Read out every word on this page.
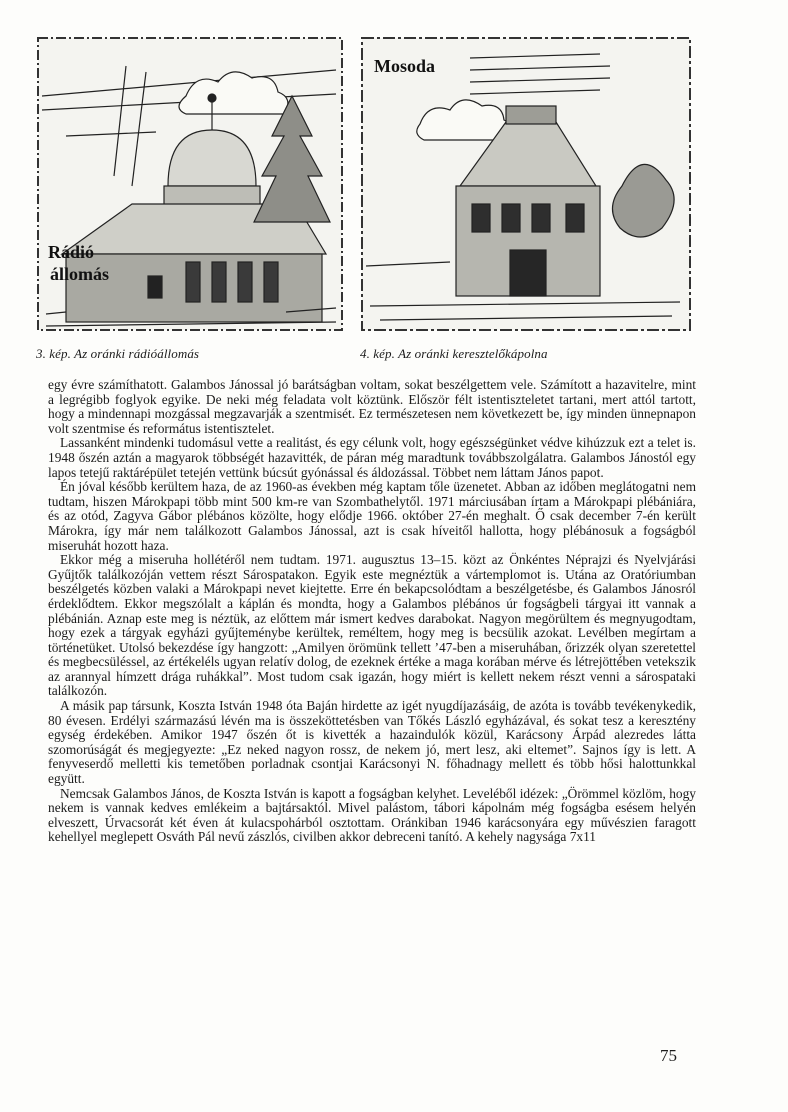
Rádió
állomás
3. kép. Az oránki rádióállomás
Mosoda
4. kép. Az oránki keresztelőkápolna

egy évre számíthatott. Galambos Jánossal jó barátságban voltam, sokat beszélgettem vele. Számított a hazavitelre, mint a legrégibb foglyok egyike. De neki még feladata volt köztünk. Először félt istentiszteletet tartani, mert attól tartott, hogy a mindennapi mozgással megzavarják a szentmisét. Ez természetesen nem következett be, így minden ünnepnapon volt szentmise és református istentisztelet.

Lassanként mindenki tudomásul vette a realitást, és egy célunk volt, hogy egészségünket védve kihúzzuk ezt a telet is. 1948 őszén aztán a magyarok többségét hazavitték, de páran még maradtunk továbbszolgálatra. Galambos Jánostól egy lapos tetejű raktárépület tetején vettünk búcsút gyónással és áldozással. Többet nem láttam János papot.

Én jóval később kerültem haza, de az 1960-as években még kaptam tőle üzenetet. Abban az időben meglátogatni nem tudtam, hiszen Márokpapi több mint 500 km-re van Szombathelytől. 1971 márciusában írtam a Márokpapi plébániára, és az otód, Zagyva Gábor plébános közölte, hogy elődje 1966. október 27-én meghalt. Ő csak december 7-én került Márokra, így már nem találkozott Galambos Jánossal, azt is csak híveitől hallotta, hogy plébánosuk a fogságból miseruhát hozott haza.

Ekkor még a miseruha hollétéről nem tudtam. 1971. augusztus 13–15. közt az Önkéntes Néprajzi és Nyelvjárási Gyűjtők találkozóján vettem részt Sárospatakon. Egyik este megnéztük a vártemplomot is. Utána az Oratóriumban beszélgetés közben valaki a Márokpapi nevet kiejtette. Erre én bekapcsolódtam a beszélgetésbe, és Galambos Jánosról érdeklődtem. Ekkor megszólalt a káplán és mondta, hogy a Galambos plébános úr fogságbeli tárgyai itt vannak a plébánián. Aznap este meg is néztük, az előttem már ismert kedves darabokat. Nagyon megörültem és megnyugodtam, hogy ezek a tárgyak egyházi gyűjteménybe kerültek, reméltem, hogy meg is becsülik azokat. Levélben megírtam a történetüket. Utolsó bekezdése így hangzott: „Amilyen örömünk tellett ’47-ben a miseruhában, őrizzék olyan szeretettel és megbecsüléssel, az értékeléls ugyan relatív dolog, de ezeknek értéke a maga korában mérve és létrejöttében vetekszik az arannyal hímzett drága ruhákkal”. Most tudom csak igazán, hogy miért is kellett nekem részt venni a sárospataki találkozón.

A másik pap társunk, Koszta István 1948 óta Baján hirdette az igét nyugdíjazásáig, de azóta is tovább tevékenykedik, 80 évesen. Erdélyi származású lévén ma is összeköttetésben van Tőkés László egyházával, és sokat tesz a keresztény egység érdekében. Amikor 1947 őszén őt is kivették a hazaindulók közül, Karácsony Árpád alezredes látta szomorúságát és megjegyezte: „Ez neked nagyon rossz, de nekem jó, mert lesz, aki eltemet”. Sajnos így is lett. A fenyveserdő melletti kis temetőben porladnak csontjai Karácsonyi N. főhadnagy mellett és több hősi halottunkkal együtt.

Nemcsak Galambos János, de Koszta István is kapott a fogságban kelyhet. Leveléből idézek: „Örömmel közlöm, hogy nekem is vannak kedves emlékeim a bajtársaktól. Mivel palástom, tábori kápolnám még fogságba esésem helyén elveszett, Úrvacsorát két éven át kulacspohárból osztottam. Oránkiban 1946 karácsonyára egy művészien faragott kehellyel meglepett Osváth Pál nevű zászlós, civilben akkor debreceni tanító. A kehely nagysága 7x11

75
